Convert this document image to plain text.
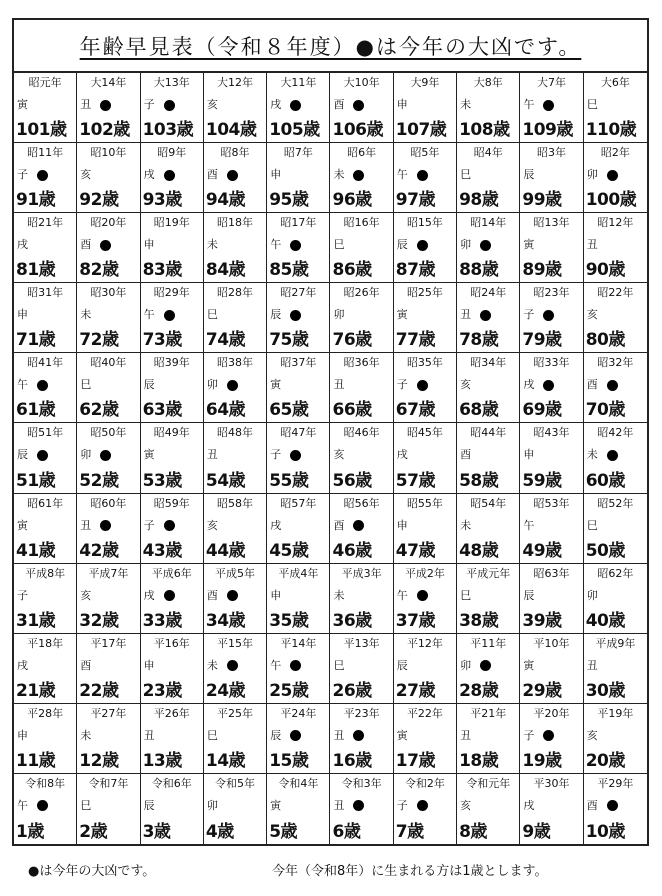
年齢早見表（令和８年度）●は今年の大凶です。
昭元年
寅
101歳
大14年
丑
102歳
大13年
子
103歳
大12年
亥
104歳
大11年
戌
105歳
大10年
酉
106歳
大9年
申
107歳
大8年
未
108歳
大7年
午
109歳
大6年
巳
110歳
昭11年
子
91歳
昭10年
亥
92歳
昭9年
戌
93歳
昭8年
酉
94歳
昭7年
申
95歳
昭6年
未
96歳
昭5年
午
97歳
昭4年
巳
98歳
昭3年
辰
99歳
昭2年
卯
100歳
昭21年
戌
81歳
昭20年
酉
82歳
昭19年
申
83歳
昭18年
未
84歳
昭17年
午
85歳
昭16年
巳
86歳
昭15年
辰
87歳
昭14年
卯
88歳
昭13年
寅
89歳
昭12年
丑
90歳
昭31年
申
71歳
昭30年
未
72歳
昭29年
午
73歳
昭28年
巳
74歳
昭27年
辰
75歳
昭26年
卯
76歳
昭25年
寅
77歳
昭24年
丑
78歳
昭23年
子
79歳
昭22年
亥
80歳
昭41年
午
61歳
昭40年
巳
62歳
昭39年
辰
63歳
昭38年
卯
64歳
昭37年
寅
65歳
昭36年
丑
66歳
昭35年
子
67歳
昭34年
亥
68歳
昭33年
戌
69歳
昭32年
酉
70歳
昭51年
辰
51歳
昭50年
卯
52歳
昭49年
寅
53歳
昭48年
丑
54歳
昭47年
子
55歳
昭46年
亥
56歳
昭45年
戌
57歳
昭44年
酉
58歳
昭43年
申
59歳
昭42年
未
60歳
昭61年
寅
41歳
昭60年
丑
42歳
昭59年
子
43歳
昭58年
亥
44歳
昭57年
戌
45歳
昭56年
酉
46歳
昭55年
申
47歳
昭54年
未
48歳
昭53年
午
49歳
昭52年
巳
50歳
平成8年
子
31歳
平成7年
亥
32歳
平成6年
戌
33歳
平成5年
酉
34歳
平成4年
申
35歳
平成3年
未
36歳
平成2年
午
37歳
平成元年
巳
38歳
昭63年
辰
39歳
昭62年
卯
40歳
平18年
戌
21歳
平17年
酉
22歳
平16年
申
23歳
平15年
未
24歳
平14年
午
25歳
平13年
巳
26歳
平12年
辰
27歳
平11年
卯
28歳
平10年
寅
29歳
平成9年
丑
30歳
平28年
申
11歳
平27年
未
12歳
平26年
丑
13歳
平25年
巳
14歳
平24年
辰
15歳
平23年
丑
16歳
平22年
寅
17歳
平21年
丑
18歳
平20年
子
19歳
平19年
亥
20歳
令和8年
午
1歳
令和7年
巳
2歳
令和6年
辰
3歳
令和5年
卯
4歳
令和4年
寅
5歳
令和3年
丑
6歳
令和2年
子
7歳
令和元年
亥
8歳
平30年
戌
9歳
平29年
酉
10歳
●は今年の大凶です。	今年（令和8年）に生まれる方は1歳とします。
